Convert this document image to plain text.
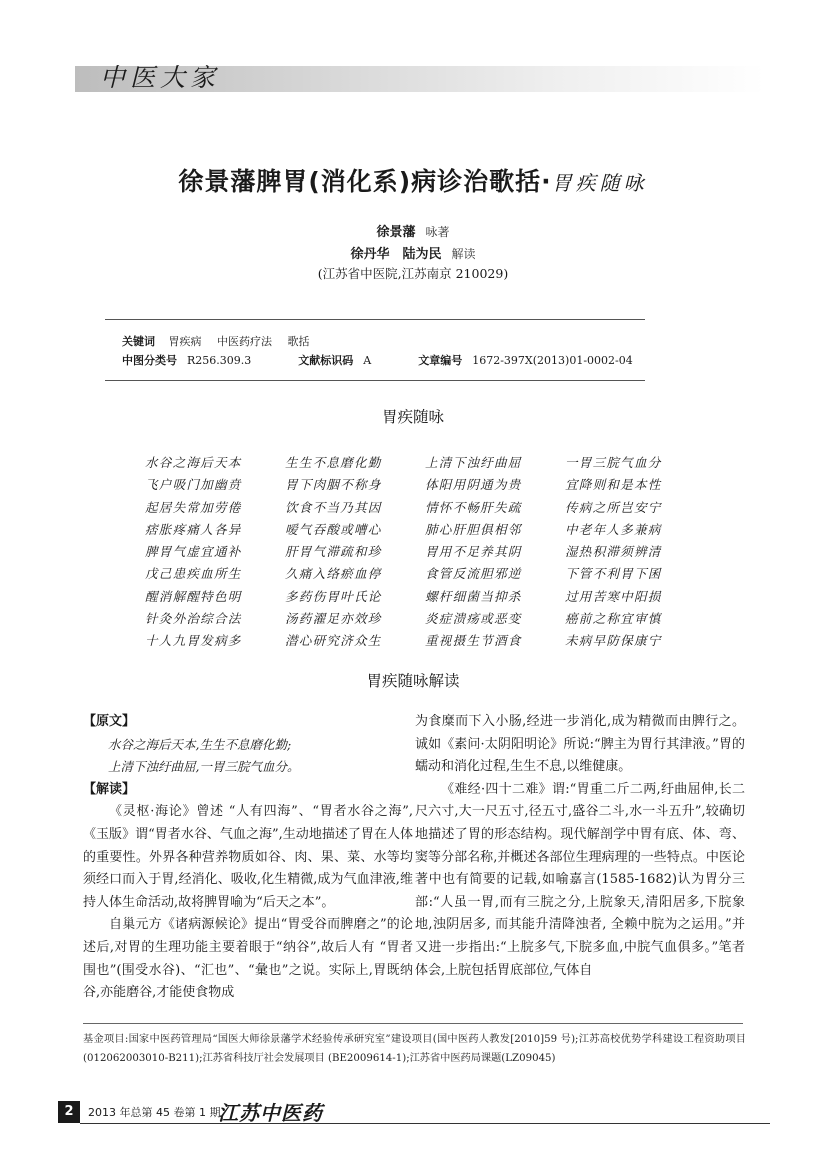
中医大家
徐景藩脾胃(消化系)病诊治歌括·胃疾随咏
徐景藩 咏著
徐丹华　陆为民 解读
(江苏省中医院,江苏南京 210029)
关键词 胃疾病 中医药疗法 歌括
中图分类号 R256.309.3	文献标识码 A	文章编号 1672-397X(2013)01-0002-04
胃疾随咏
水谷之海后天本	生生不息磨化勤	上清下浊纡曲屈	一胃三脘气血分
飞户吸门加幽贲	胃下肉胭不称身	体阳用阴通为贵	宜降则和是本性
起居失常加劳倦	饮食不当乃其因	情怀不畅肝失疏	传病之所岂安宁
痞胀疼痛人各异	嗳气吞酸或嘈心	肺心肝胆俱相邻	中老年人多兼病
脾胃气虚宜通补	肝胃气滞疏和珍	胃用不足养其阴	湿热积滞须辨清
戊己患疾血所生	久痛入络瘀血停	食管反流胆邪逆	下管不利胃下囷
醒消解醒特色明	多药伤胃叶氏论	螺杆细菌当抑杀	过用苦寒中阳损
针灸外治综合法	汤药濯足亦效珍	炎症溃疡或恶变	癌前之称宜审慎
十人九胃发病多	潜心研究济众生	重视摄生节酒食	未病早防保康宁
胃疾随咏解读

【原文】

水谷之海后天本,生生不息磨化勤;

上清下浊纡曲屈,一胃三脘气血分。

【解读】

《灵枢·海论》曾述 “人有四海”、“胃者水谷之海”,《玉版》谓“胃者水谷、气血之海”,生动地描述了胃在人体的重要性。外界各种营养物质如谷、肉、果、菜、水等均须经口而入于胃,经消化、吸收,化生精微,成为气血津液,维持人体生命活动,故将脾胃喻为“后天之本”。

自巢元方《诸病源候论》提出“胃受谷而脾磨之”的论述后,对胃的生理功能主要着眼于“纳谷”,故后人有 “胃者围也”(围受水谷)、“汇也”、“彙也”之说。实际上,胃既纳谷,亦能磨谷,才能使食物成

为食糜而下入小肠,经进一步消化,成为精微而由脾行之。诚如《素问·太阴阳明论》所说:“脾主为胃行其津液。”胃的蠕动和消化过程,生生不息,以维健康。

《难经·四十二难》谓:“胃重二斤二两,纡曲屈伸,长二尺六寸,大一尺五寸,径五寸,盛谷二斗,水一斗五升”,较确切地描述了胃的形态结构。现代解剖学中胃有底、体、弯、窦等分部名称,并概述各部位生理病理的一些特点。中医论著中也有简要的记载,如喻嘉言(1585-1682)认为胃分三部:“人虽一胃,而有三脘之分,上脘象天,清阳居多,下脘象地,浊阴居多, 而其能升清降浊者, 全赖中脘为之运用。”并又进一步指出:“上脘多气,下脘多血,中脘气血俱多。”笔者体会,上脘包括胃底部位,气体自

基金项目:国家中医药管理局“国医大师徐景藩学术经验传承研究室”建设项目(国中医药人教发[2010]59 号);江苏高校优势学科建设工程资助项目 (012062003010-B211);江苏省科技厅社会发展项目 (BE2009614-1);江苏省中医药局课题(LZ09045)
2	2013 年总第 45 卷第 1 期
江苏中医药
